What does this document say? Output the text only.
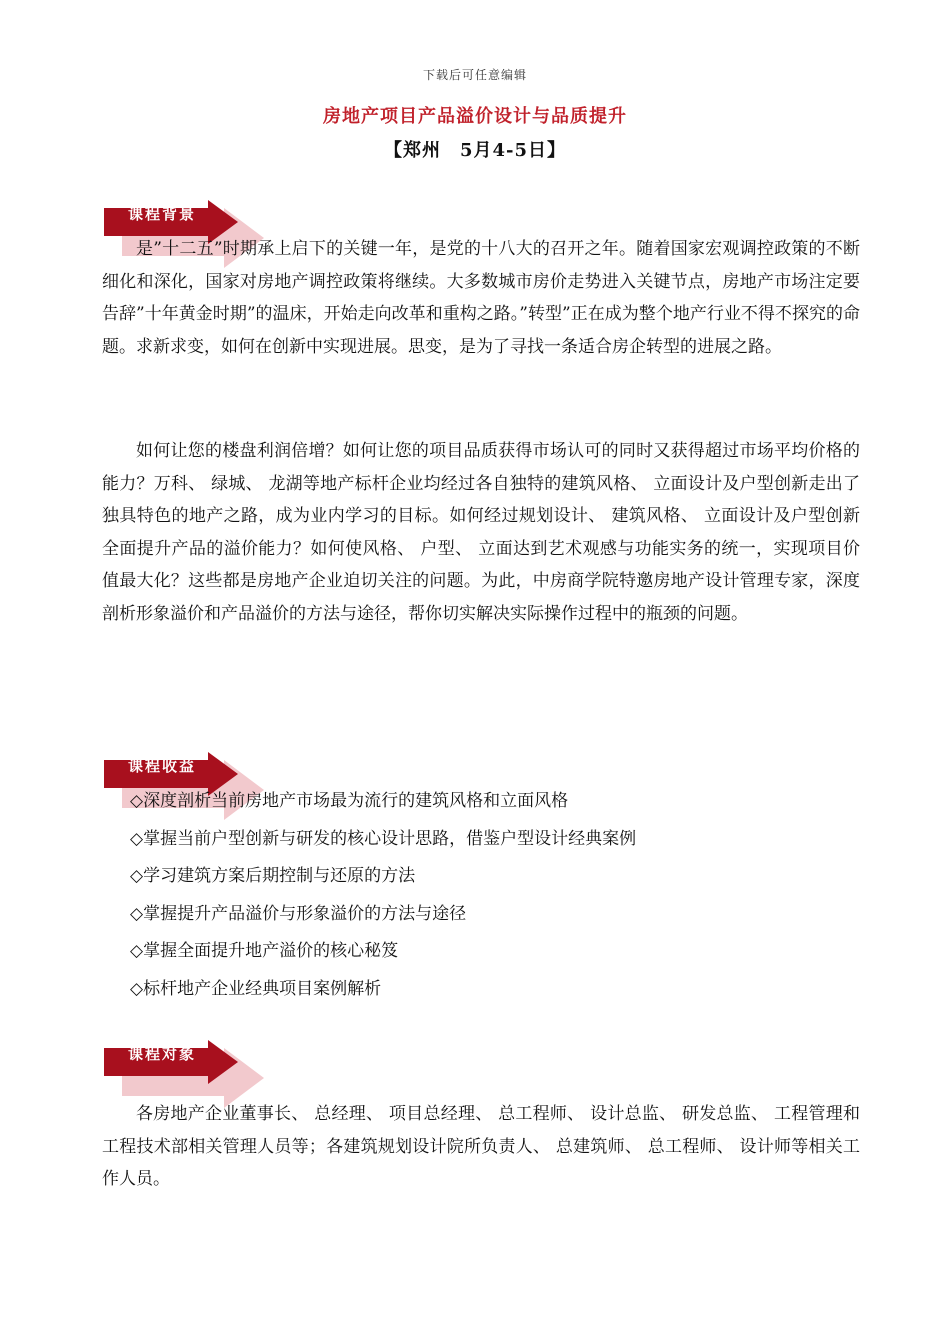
下载后可任意编辑
房地产项目产品溢价设计与品质提升
【郑州　5月4-5日】
课程背景

是”十二五”时期承上启下的关键一年，是党的十八大的召开之年。随着国家宏观调控政策的不断细化和深化，国家对房地产调控政策将继续。大多数城市房价走势进入关键节点，房地产市场注定要告辞”十年黄金时期”的温床，开始走向改革和重构之路。”转型”正在成为整个地产行业不得不探究的命题。求新求变，如何在创新中实现进展。思变，是为了寻找一条适合房企转型的进展之路。

如何让您的楼盘利润倍增？如何让您的项目品质获得市场认可的同时又获得超过市场平均价格的能力？万科、 绿城、 龙湖等地产标杆企业均经过各自独特的建筑风格、 立面设计及户型创新走出了独具特色的地产之路，成为业内学习的目标。如何经过规划设计、 建筑风格、 立面设计及户型创新全面提升产品的溢价能力？如何使风格、 户型、 立面达到艺术观感与功能实务的统一，实现项目价值最大化？这些都是房地产企业迫切关注的问题。为此，中房商学院特邀房地产设计管理专家，深度剖析形象溢价和产品溢价的方法与途径，帮你切实解决实际操作过程中的瓶颈的问题。

课程收益
◇深度剖析当前房地产市场最为流行的建筑风格和立面风格
◇掌握当前户型创新与研发的核心设计思路，借鉴户型设计经典案例
◇学习建筑方案后期控制与还原的方法
◇掌握提升产品溢价与形象溢价的方法与途径
◇掌握全面提升地产溢价的核心秘笈
◇标杆地产企业经典项目案例解析
课程对象

各房地产企业董事长、 总经理、 项目总经理、 总工程师、 设计总监、 研发总监、 工程管理和工程技术部相关管理人员等；各建筑规划设计院所负责人、 总建筑师、 总工程师、 设计师等相关工作人员。
